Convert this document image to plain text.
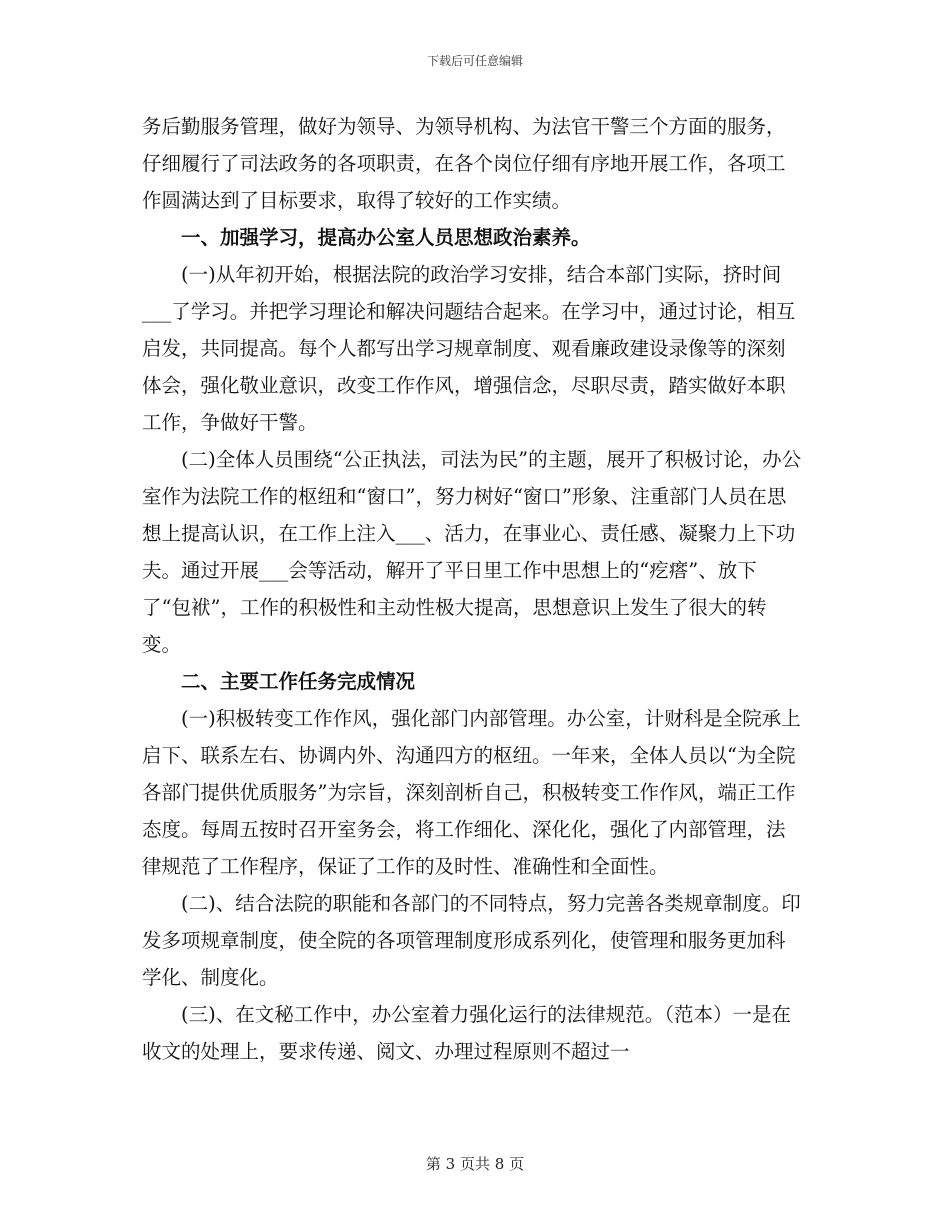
下载后可任意编辑

务后勤服务管理，做好为领导、为领导机构、为法官干警三个方面的服务，仔细履行了司法政务的各项职责，在各个岗位仔细有序地开展工作，各项工作圆满达到了目标要求，取得了较好的工作实绩。

一、加强学习，提高办公室人员思想政治素养。

(一)从年初开始，根据法院的政治学习安排，结合本部门实际，挤时间___了学习。并把学习理论和解决问题结合起来。在学习中，通过讨论，相互启发，共同提高。每个人都写出学习规章制度、观看廉政建设录像等的深刻体会，强化敬业意识，改变工作作风，增强信念，尽职尽责，踏实做好本职工作，争做好干警。

(二)全体人员围绕“公正执法，司法为民”的主题，展开了积极讨论，办公室作为法院工作的枢纽和“窗口”，努力树好“窗口”形象、注重部门人员在思想上提高认识，在工作上注入___、活力，在事业心、责任感、凝聚力上下功夫。通过开展___会等活动，解开了平日里工作中思想上的“疙瘩”、放下了“包袱”，工作的积极性和主动性极大提高，思想意识上发生了很大的转变。

二、主要工作任务完成情况

(一)积极转变工作作风，强化部门内部管理。办公室，计财科是全院承上启下、联系左右、协调内外、沟通四方的枢纽。一年来，全体人员以“为全院各部门提供优质服务”为宗旨，深刻剖析自己，积极转变工作作风，端正工作态度。每周五按时召开室务会，将工作细化、深化化，强化了内部管理，法律规范了工作程序，保证了工作的及时性、准确性和全面性。

(二)、结合法院的职能和各部门的不同特点，努力完善各类规章制度。印发多项规章制度，使全院的各项管理制度形成系列化，使管理和服务更加科学化、制度化。

(三)、在文秘工作中，办公室着力强化运行的法律规范。（范本）一是在收文的处理上，要求传递、阅文、办理过程原则不超过一

第 3 页共 8 页
